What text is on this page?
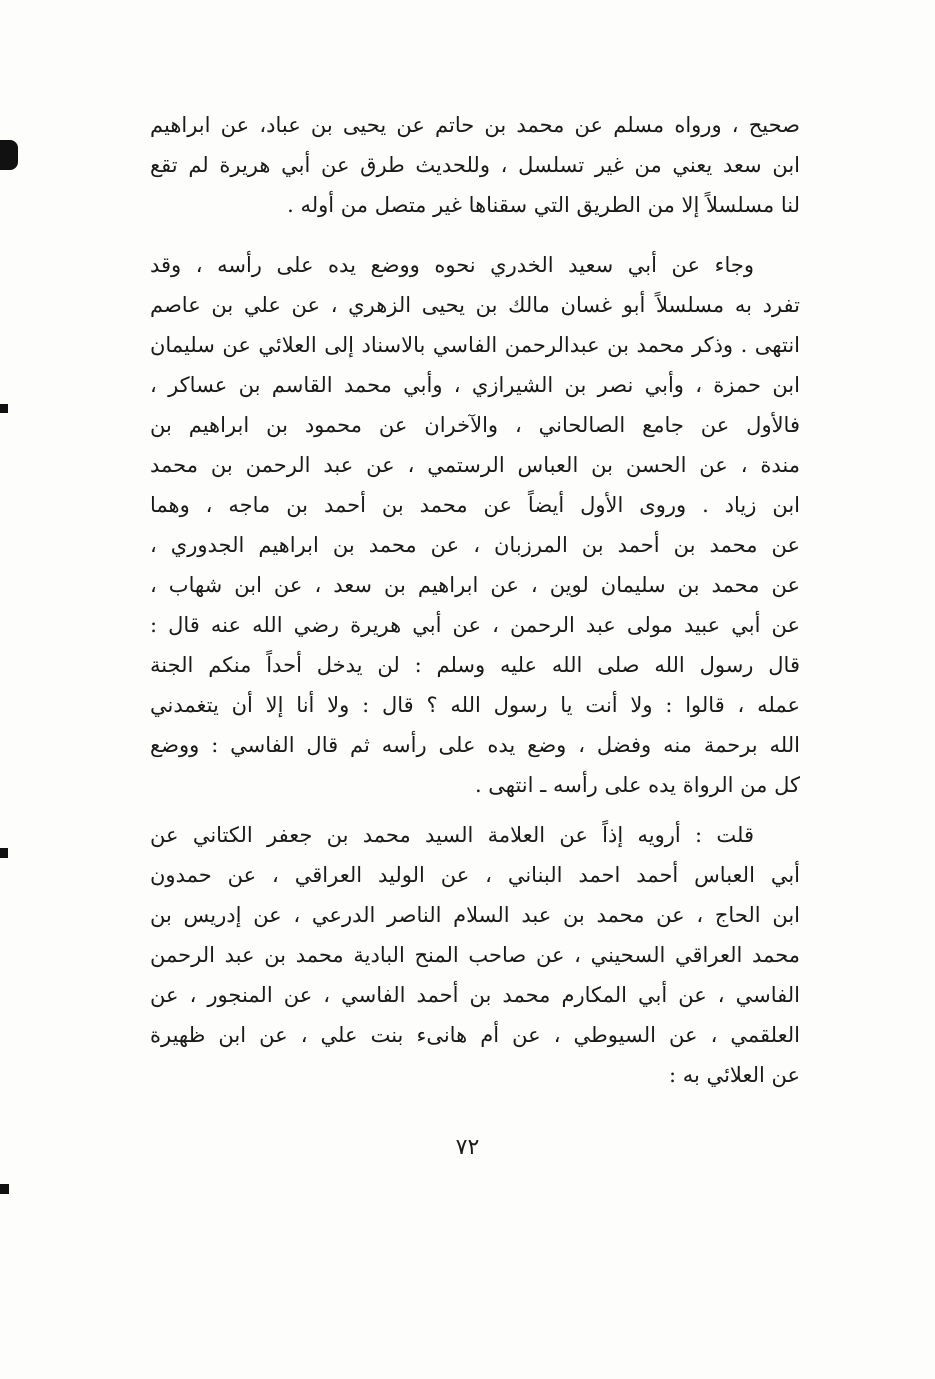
صحيح ، ورواه مسلم عن محمد بن حاتم عن يحيى بن عباد، عن ابراهيم
ابن سعد يعني من غير تسلسل ، وللحديث طرق عن أبي هريرة لم تقع
لنا مسلسلاً إلا من الطريق التي سقناها غير متصل من أوله .
وجاء عن أبي سعيد الخدري نحوه ووضع يده على رأسه ، وقد
تفرد به مسلسلاً أبو غسان مالك بن يحيى الزهري ، عن علي بن عاصم
انتهى . وذكر محمد بن عبدالرحمن الفاسي بالاسناد إلى العلائي عن سليمان
ابن حمزة ، وأبي نصر بن الشيرازي ، وأبي محمد القاسم بن عساكر ،
فالأول عن جامع الصالحاني ، والآخران عن محمود بن ابراهيم بن
مندة ، عن الحسن بن العباس الرستمي ، عن عبد الرحمن بن محمد
ابن زياد . وروى الأول أيضاً عن محمد بن أحمد بن ماجه ، وهما
عن محمد بن أحمد بن المرزبان ، عن محمد بن ابراهيم الجدوري ،
عن محمد بن سليمان لوين ، عن ابراهيم بن سعد ، عن ابن شهاب ،
عن أبي عبيد مولى عبد الرحمن ، عن أبي هريرة رضي الله عنه قال :
قال رسول الله صلى الله عليه وسلم : لن يدخل أحداً منكم الجنة
عمله ، قالوا : ولا أنت يا رسول الله ؟ قال : ولا أنا إلا أن يتغمدني
الله برحمة منه وفضل ، وضع يده على رأسه ثم قال الفاسي : ووضع
كل من الرواة يده على رأسه ـ انتهى .
قلت : أرويه إذاً عن العلامة السيد محمد بن جعفر الكتاني عن
أبي العباس أحمد احمد البناني ، عن الوليد العراقي ، عن حمدون
ابن الحاج ، عن محمد بن عبد السلام الناصر الدرعي ، عن إدريس بن
محمد العراقي السحيني ، عن صاحب المنح البادية محمد بن عبد الرحمن
الفاسي ، عن أبي المكارم محمد بن أحمد الفاسي ، عن المنجور ، عن
العلقمي ، عن السيوطي ، عن أم هانىء بنت علي ، عن ابن ظهيرة
عن العلائي به :
٧٢
